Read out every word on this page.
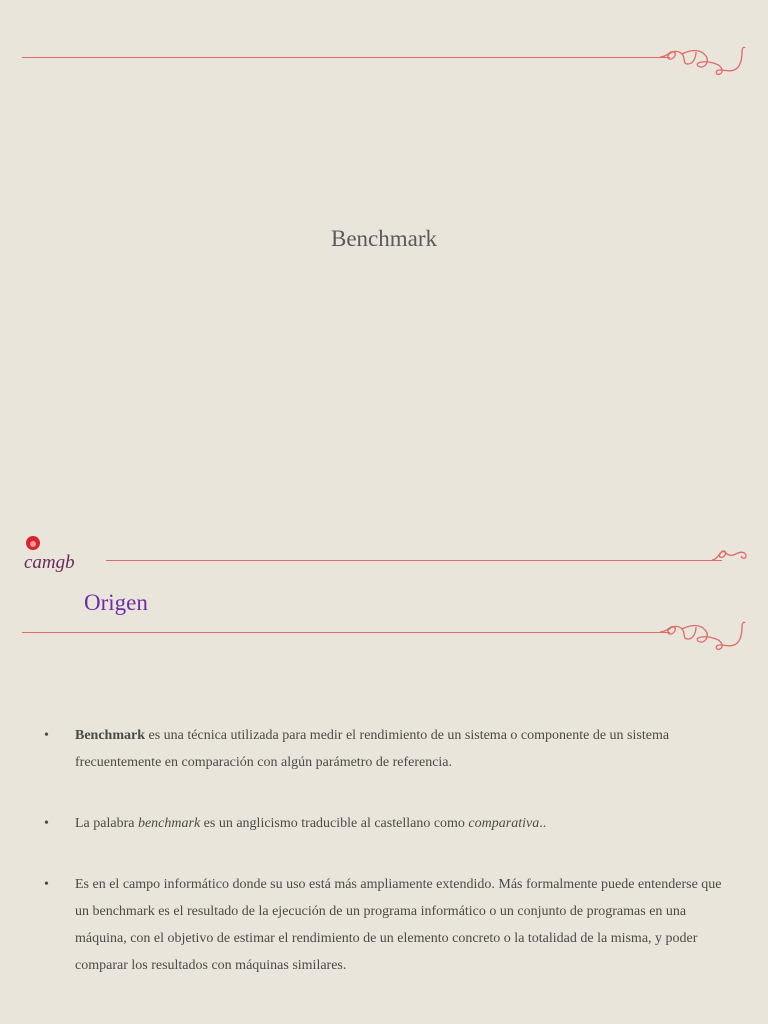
Benchmark
camgb
Origen
• Benchmark es una técnica utilizada para medir el rendimiento de un sistema o componente de un sistema frecuentemente en comparación con algún parámetro de referencia.
• La palabra benchmark es un anglicismo traducible al castellano como comparativa..
• Es en el campo informático donde su uso está más ampliamente extendido. Más formalmente puede entenderse que un benchmark es el resultado de la ejecución de un programa informático o un conjunto de programas en una máquina, con el objetivo de estimar el rendimiento de un elemento concreto o la totalidad de la misma, y poder comparar los resultados con máquinas similares.
